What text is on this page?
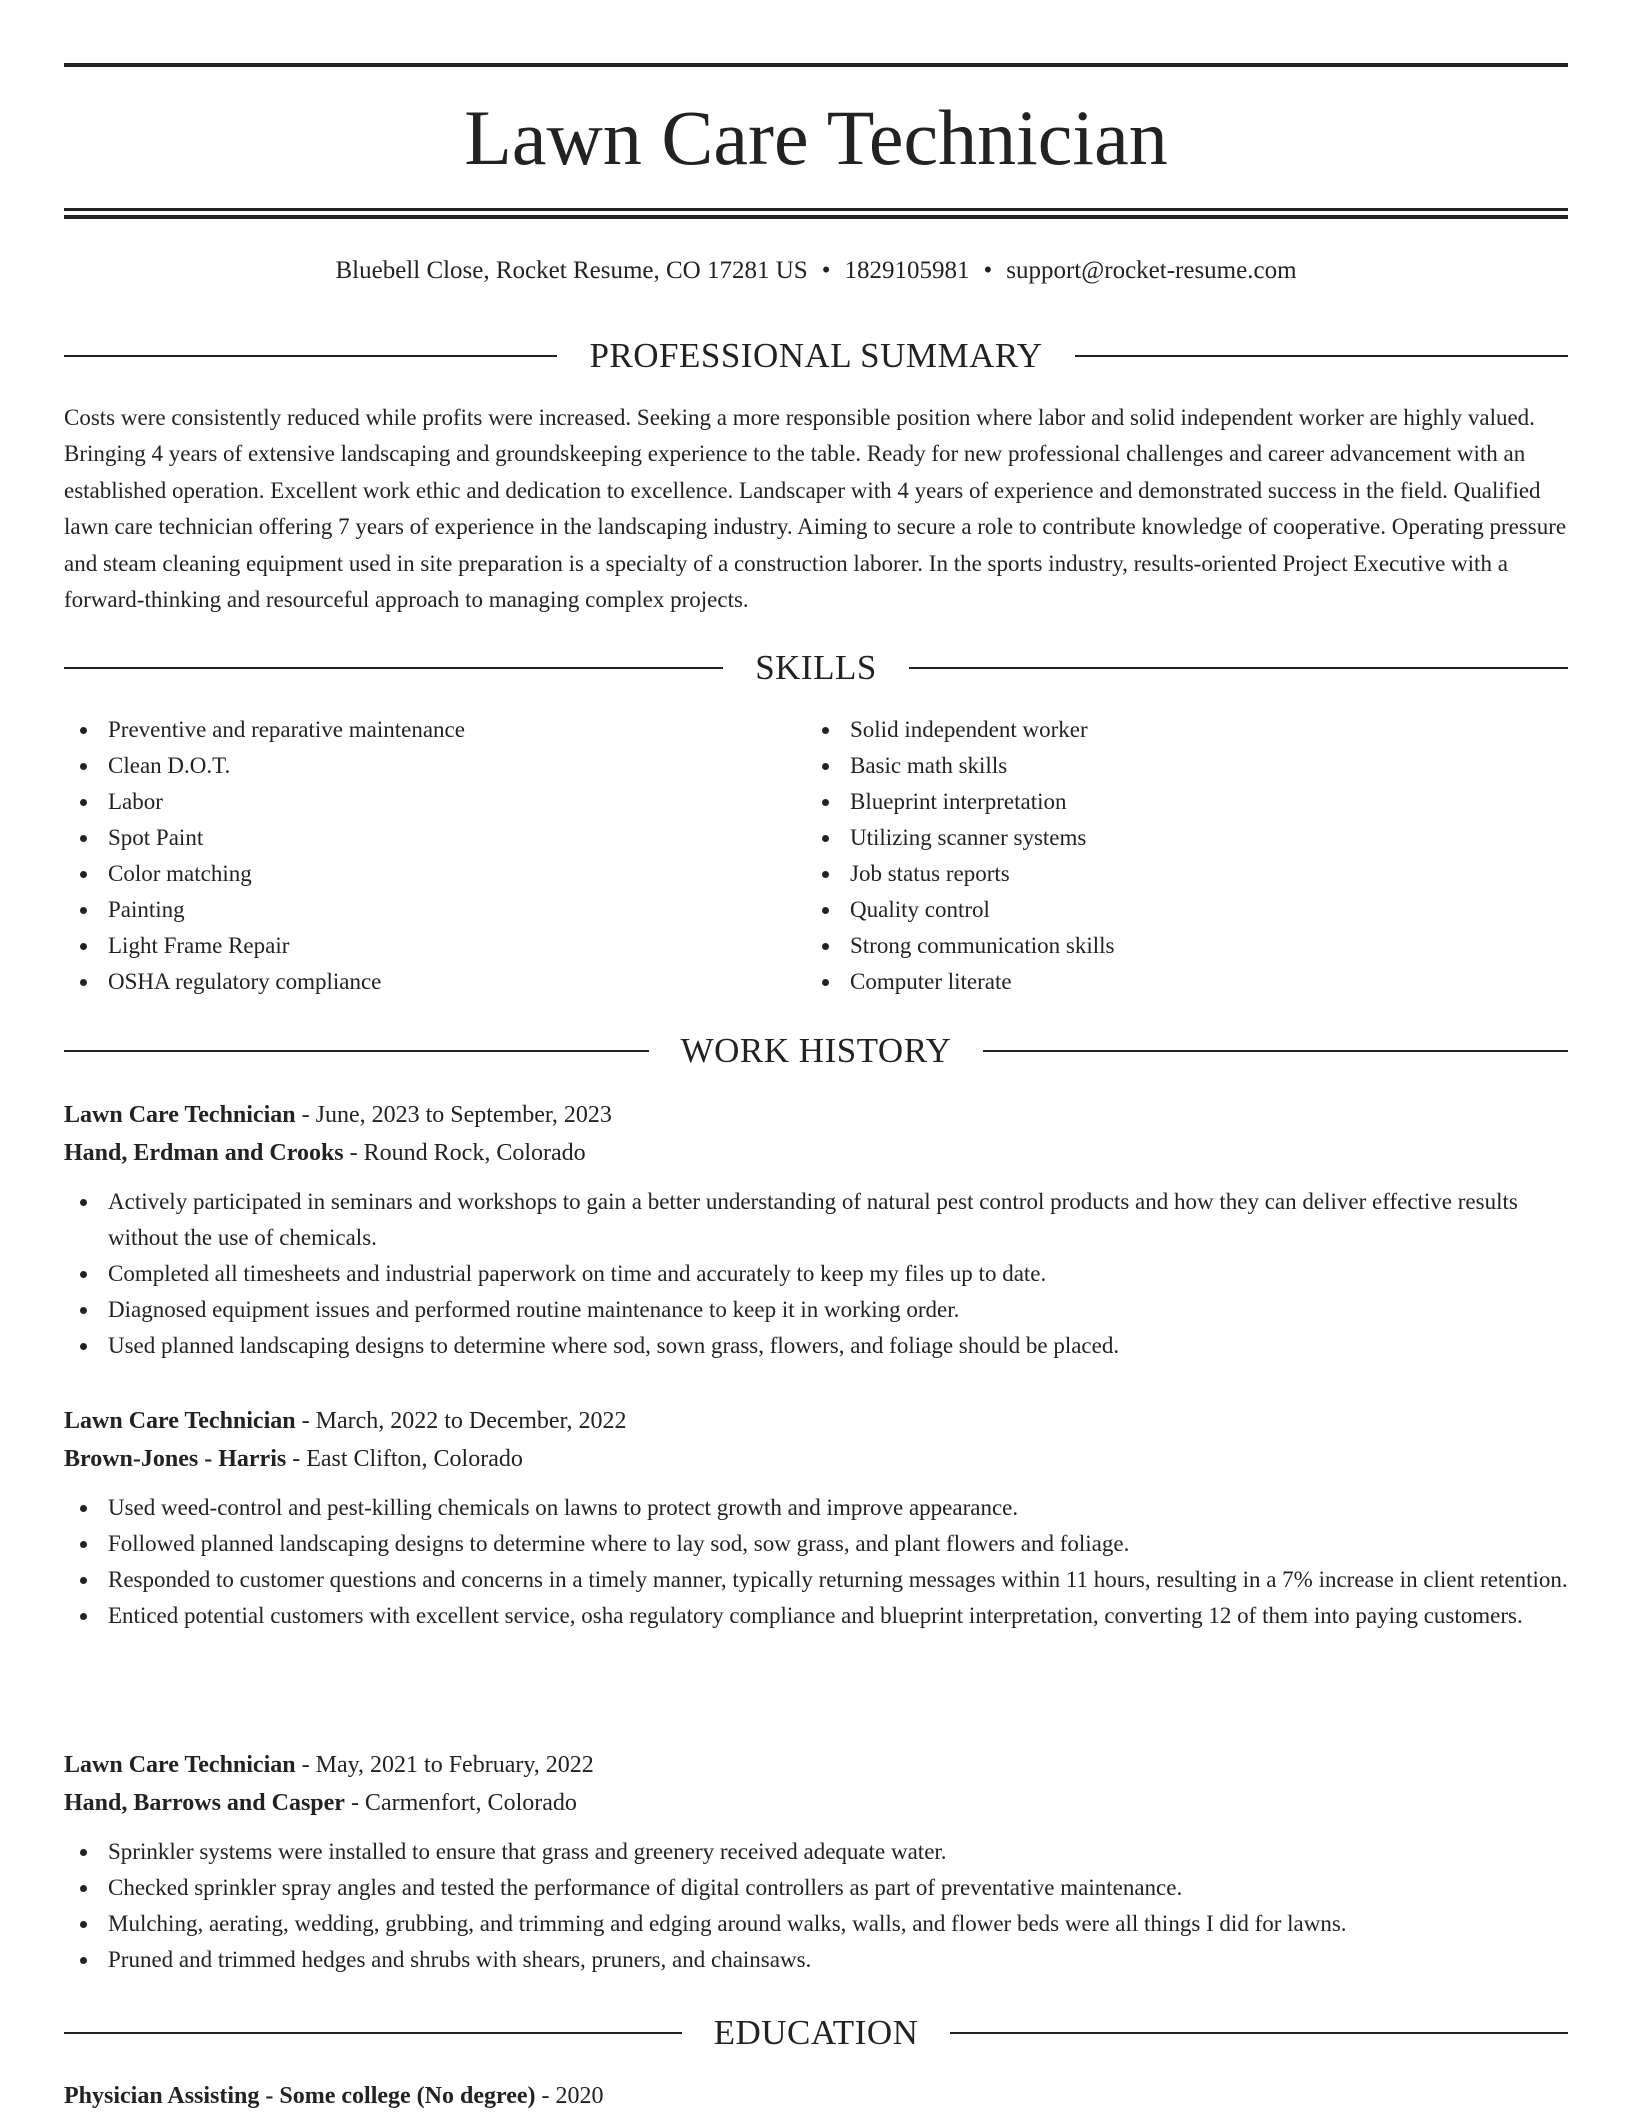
Lawn Care Technician
Bluebell Close, Rocket Resume, CO 17281 US • 1829105981 • support@rocket-resume.com
PROFESSIONAL SUMMARY

Costs were consistently reduced while profits were increased. Seeking a more responsible position where labor and solid independent worker are highly valued. Bringing 4 years of extensive landscaping and groundskeeping experience to the table. Ready for new professional challenges and career advancement with an established operation. Excellent work ethic and dedication to excellence. Landscaper with 4 years of experience and demonstrated success in the field. Qualified lawn care technician offering 7 years of experience in the landscaping industry. Aiming to secure a role to contribute knowledge of cooperative. Operating pressure and steam cleaning equipment used in site preparation is a specialty of a construction laborer. In the sports industry, results-oriented Project Executive with a forward-thinking and resourceful approach to managing complex projects.

SKILLS
Preventive and reparative maintenance
Clean D.O.T.
Labor
Spot Paint
Color matching
Painting
Light Frame Repair
OSHA regulatory compliance
Solid independent worker
Basic math skills
Blueprint interpretation
Utilizing scanner systems
Job status reports
Quality control
Strong communication skills
Computer literate
WORK HISTORY
Lawn Care Technician - June, 2023 to September, 2023
Hand, Erdman and Crooks - Round Rock, Colorado
Actively participated in seminars and workshops to gain a better understanding of natural pest control products and how they can deliver effective results without the use of chemicals.
Completed all timesheets and industrial paperwork on time and accurately to keep my files up to date.
Diagnosed equipment issues and performed routine maintenance to keep it in working order.
Used planned landscaping designs to determine where sod, sown grass, flowers, and foliage should be placed.
Lawn Care Technician - March, 2022 to December, 2022
Brown-Jones - Harris - East Clifton, Colorado
Used weed-control and pest-killing chemicals on lawns to protect growth and improve appearance.
Followed planned landscaping designs to determine where to lay sod, sow grass, and plant flowers and foliage.
Responded to customer questions and concerns in a timely manner, typically returning messages within 11 hours, resulting in a 7% increase in client retention.
Enticed potential customers with excellent service, osha regulatory compliance and blueprint interpretation, converting 12 of them into paying customers.
Lawn Care Technician - May, 2021 to February, 2022
Hand, Barrows and Casper - Carmenfort, Colorado
Sprinkler systems were installed to ensure that grass and greenery received adequate water.
Checked sprinkler spray angles and tested the performance of digital controllers as part of preventative maintenance.
Mulching, aerating, wedding, grubbing, and trimming and edging around walks, walls, and flower beds were all things I did for lawns.
Pruned and trimmed hedges and shrubs with shears, pruners, and chainsaws.
EDUCATION
Physician Assisting - Some college (No degree) - 2020
